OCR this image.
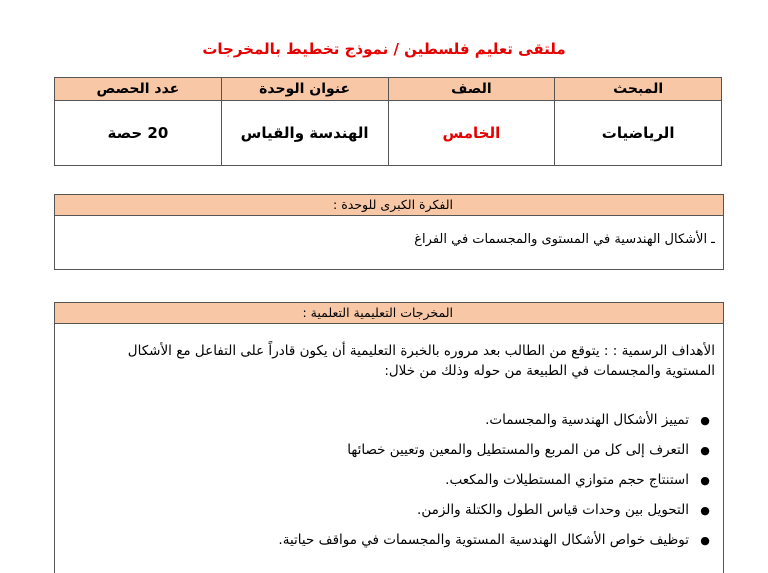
ملتقى تعليم فلسطين / نموذج تخطيط بالمخرجات
المبحث	الصف	عنوان الوحدة	عدد الحصص
الرياضيات	الخامس	الهندسة والقياس	20 حصة
الفكرة الكبرى للوحدة :
ـ الأشكال الهندسية في المستوى والمجسمات في الفراغ
المخرجات التعليمية التعلمية :
الأهداف الرسمية : : يتوقع من الطالب بعد مروره بالخبرة التعليمية أن يكون قادراً على التفاعل مع الأشكال المستوية والمجسمات في الطبيعة من حوله وذلك من خلال:
●تمييز الأشكال الهندسية والمجسمات.
●التعرف إلى كل من المربع والمستطيل والمعين وتعيين خصائها
●استنتاج حجم متوازي المستطيلات والمكعب.
●التحويل بين وحدات قياس الطول والكتلة والزمن.
●توظيف خواص الأشكال الهندسية المستوية والمجسمات في مواقف حياتية.
